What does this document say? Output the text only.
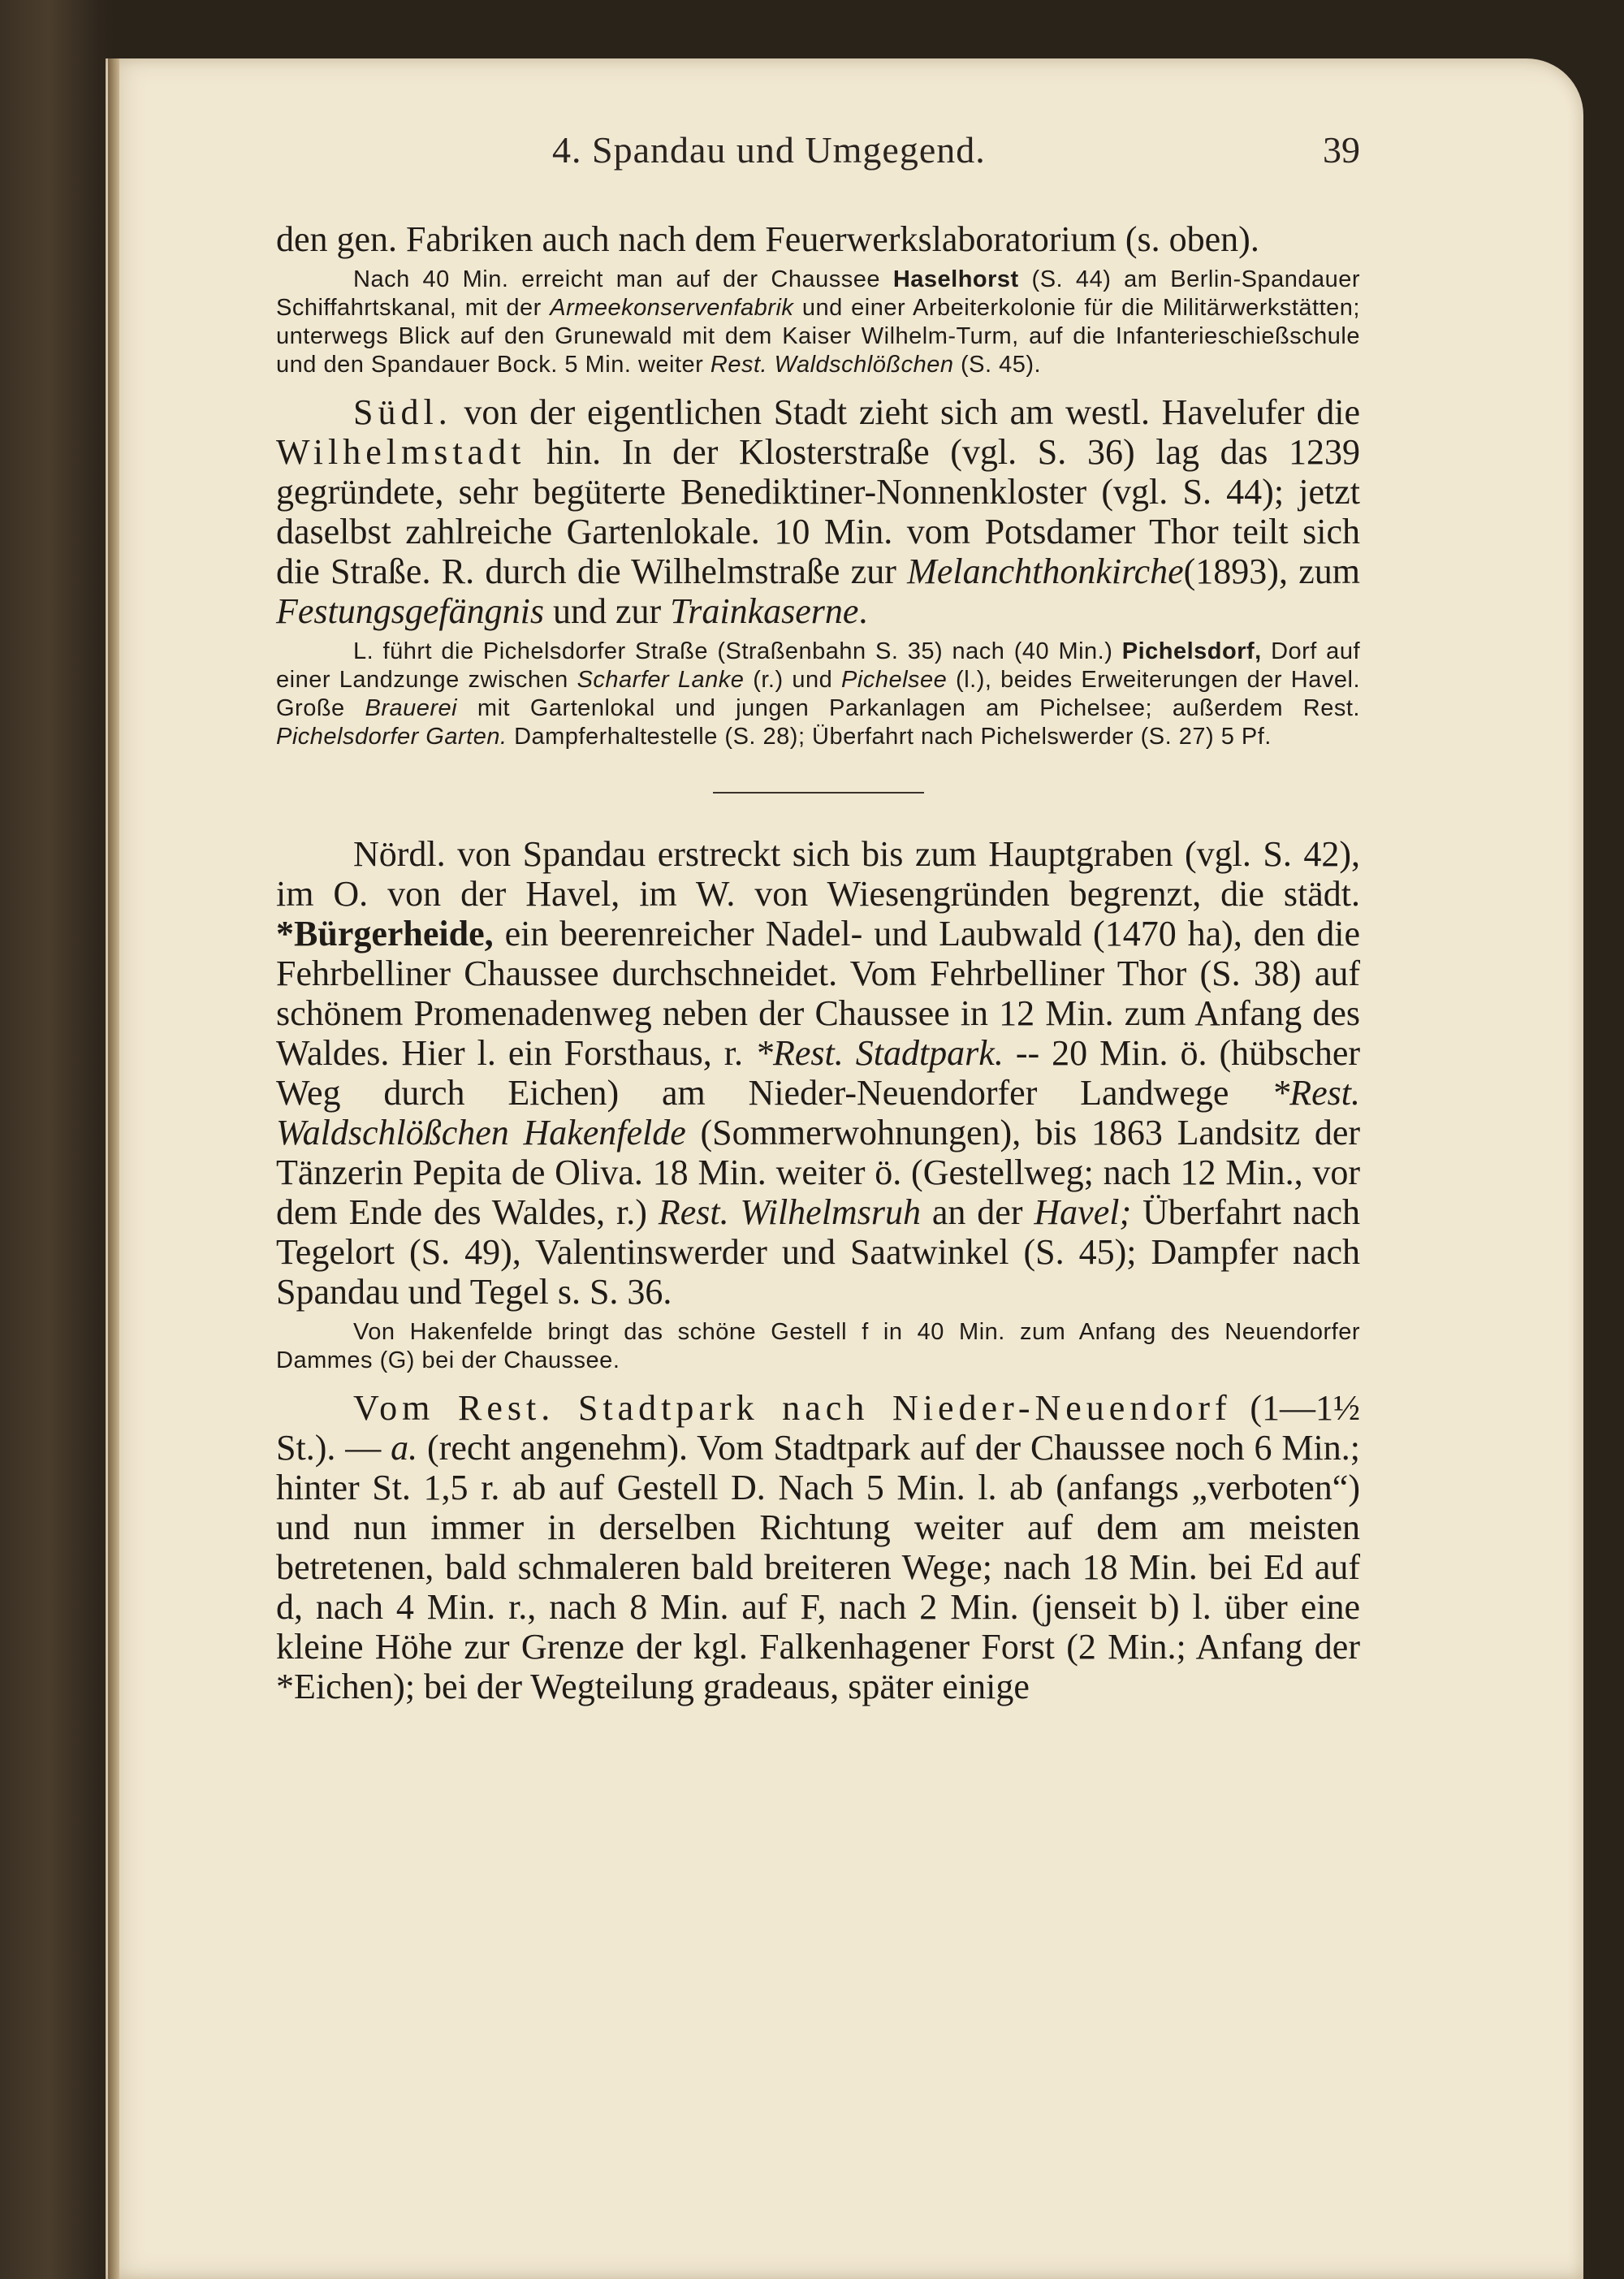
4. Spandau und Umgegend.	39

den gen. Fabriken auch nach dem Feuerwerkslaboratorium (s. oben).

Nach 40 Min. erreicht man auf der Chaussee Haselhorst (S. 44) am Berlin-Spandauer Schiffahrtskanal, mit der Armeekonservenfabrik und einer Arbeiterkolonie für die Militärwerkstätten; unterwegs Blick auf den Grunewald mit dem Kaiser Wilhelm-Turm, auf die Infanterieschießschule und den Spandauer Bock. 5 Min. weiter Rest. Waldschlößchen (S. 45).

Südl. von der eigentlichen Stadt zieht sich am westl. Havelufer die Wilhelmstadt hin. In der Klosterstraße (vgl. S. 36) lag das 1239 gegründete, sehr begüterte Benediktiner-Nonnenkloster (vgl. S. 44); jetzt daselbst zahlreiche Gartenlokale. 10 Min. vom Potsdamer Thor teilt sich die Straße. R. durch die Wilhelmstraße zur Melanchthonkirche(1893), zum Festungsgefängnis und zur Trainkaserne.

L. führt die Pichelsdorfer Straße (Straßenbahn S. 35) nach (40 Min.) Pichelsdorf, Dorf auf einer Landzunge zwischen Scharfer Lanke (r.) und Pichelsee (l.), beides Erweiterungen der Havel. Große Brauerei mit Gartenlokal und jungen Parkanlagen am Pichelsee; außerdem Rest. Pichelsdorfer Garten. Dampferhaltestelle (S. 28); Überfahrt nach Pichelswerder (S. 27) 5 Pf.

Nördl. von Spandau erstreckt sich bis zum Hauptgraben (vgl. S. 42), im O. von der Havel, im W. von Wiesengründen begrenzt, die städt. *Bürgerheide, ein beerenreicher Nadel- und Laubwald (1470 ha), den die Fehrbelliner Chaussee durchschneidet. Vom Fehrbelliner Thor (S. 38) auf schönem Promenadenweg neben der Chaussee in 12 Min. zum Anfang des Waldes. Hier l. ein Forsthaus, r. *Rest. Stadtpark. -- 20 Min. ö. (hübscher Weg durch Eichen) am Nieder-Neuendorfer Landwege *Rest. Waldschlößchen Hakenfelde (Sommerwohnungen), bis 1863 Landsitz der Tänzerin Pepita de Oliva. 18 Min. weiter ö. (Gestellweg; nach 12 Min., vor dem Ende des Waldes, r.) Rest. Wilhelmsruh an der Havel; Überfahrt nach Tegelort (S. 49), Valentinswerder und Saatwinkel (S. 45); Dampfer nach Spandau und Tegel s. S. 36.

Von Hakenfelde bringt das schöne Gestell f in 40 Min. zum Anfang des Neuendorfer Dammes (G) bei der Chaussee.

Vom Rest. Stadtpark nach Nieder-Neuendorf (1—1½ St.). — a. (recht angenehm). Vom Stadtpark auf der Chaussee noch 6 Min.; hinter St. 1,5 r. ab auf Gestell D. Nach 5 Min. l. ab (anfangs „verboten“) und nun immer in derselben Richtung weiter auf dem am meisten betretenen, bald schmaleren bald breiteren Wege; nach 18 Min. bei Ed auf d, nach 4 Min. r., nach 8 Min. auf F, nach 2 Min. (jenseit b) l. über eine kleine Höhe zur Grenze der kgl. Falkenhagener Forst (2 Min.; Anfang der *Eichen); bei der Wegteilung gradeaus, später einige
